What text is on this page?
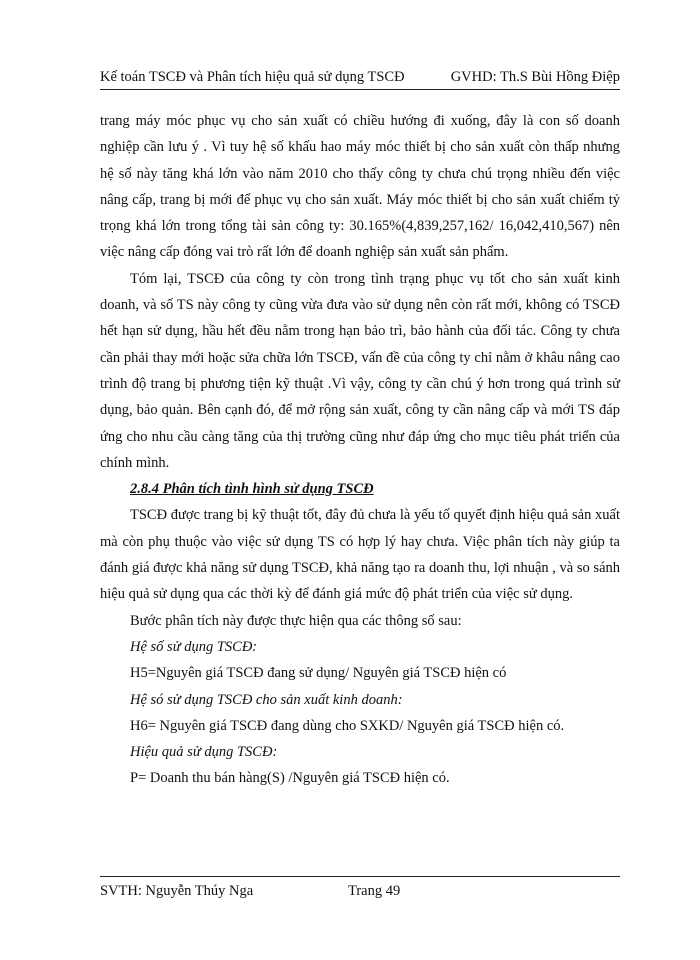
Kế toán TSCĐ và Phân tích hiệu quả sử dụng TSCĐ	GVHD: Th.S Bùi Hồng Điệp

trang máy móc phục vụ cho sản xuất có chiều hướng đi xuống, đây là con số doanh nghiệp cần lưu ý . Vì tuy hệ số khấu hao máy móc thiết bị cho sản xuất còn thấp nhưng hệ số này tăng khá lớn vào năm 2010 cho thấy công ty chưa chú trọng nhiều đến việc nâng cấp, trang bị mới để phục vụ cho sản xuất. Máy móc thiết bị cho sản xuất chiếm tỷ trọng khá lớn trong tổng tài sản công ty: 30.165%(4,839,257,162/ 16,042,410,567) nên việc nâng cấp đóng vai trò rất lớn để doanh nghiệp sản xuất sản phẩm.

Tóm lại, TSCĐ của công ty còn trong tình trạng phục vụ tốt cho sản xuất kinh doanh, và số TS này công ty cũng vừa đưa vào sử dụng nên còn rất mới, không có TSCĐ hết hạn sử dụng, hầu hết đều nằm trong hạn bảo trì, bảo hành của đối tác. Công ty chưa cần phải thay mới hoặc sửa chữa lớn TSCĐ, vấn đề của công ty chỉ nằm ở khâu nâng cao trình độ trang bị phương tiện kỹ thuật .Vì vậy, công ty cần chú ý hơn trong quá trình sử dụng, bảo quản. Bên cạnh đó, để mở rộng sản xuất, công ty cần nâng cấp và mới TS đáp ứng cho nhu cầu càng tăng của thị trường cũng như đáp ứng cho mục tiêu phát triển của chính mình.

2.8.4 Phân tích tình hình sử dụng TSCĐ

TSCĐ được trang bị kỹ thuật tốt, đây đủ chưa là yếu tố quyết định hiệu quả sản xuất mà còn phụ thuộc vào việc sử dụng TS có hợp lý hay chưa. Việc phân tích này giúp ta đánh giá được khả năng sử dụng TSCĐ, khả năng tạo ra doanh thu, lợi nhuận , và so sánh hiệu quả sử dụng qua các thời kỳ để đánh giá mức độ phát triển của việc sử dụng.

Bước phân tích này được thực hiện qua các thông số sau:

Hệ số sử dụng TSCĐ:

H5=Nguyên giá TSCĐ đang sử dụng/ Nguyên giá TSCĐ hiện có

Hệ só sử dụng TSCĐ cho sản xuất kinh doanh:

H6= Nguyên giá TSCĐ đang dùng cho SXKD/ Nguyên giá TSCĐ hiện có.

Hiệu quả sử dụng TSCĐ:

P= Doanh thu bán hàng(S) /Nguyên giá TSCĐ hiện có.

SVTH: Nguyễn Thúy Nga	Trang 49
